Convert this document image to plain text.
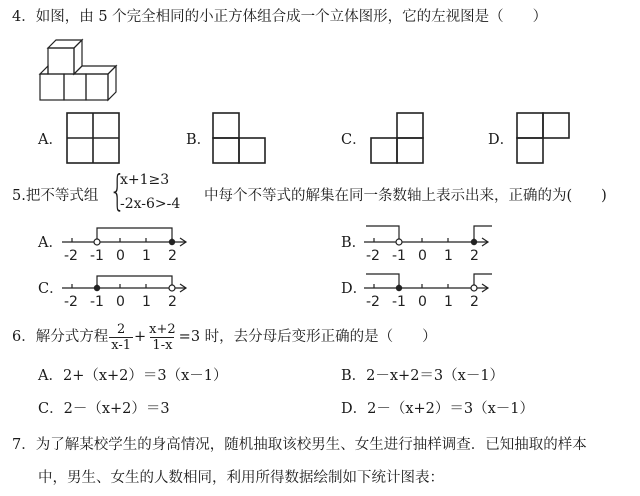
4．如图，由 5 个完全相同的小正方体组合成一个立体图形，它的左视图是（　　）
A．	B．	C．	D．
5.把不等式组 {
x+1≥3
-2x-6>-4 中每个不等式的解集在同一条数轴上表示出来，正确的为(　　)
A．
-2 -1 0 1 2
B．
-2 -1 0 1 2
C．
-2 -1 0 1 2
D．
-2 -1 0 1 2
6．解分式方程 $\frac{2}{x-1} + \frac{x+2}{1-x} =3$ 时，去分母后变形正确的是（　　）
A．2+（x+2）＝3（x－1）	B．2－x+2＝3（x－1）
C．2－（x+2）＝3	D．2－（x+2）＝3（x－1）
7．为了解某校学生的身高情况，随机抽取该校男生、女生进行抽样调查．已知抽取的样本
中，男生、女生的人数相同，利用所得数据绘制如下统计图表：
